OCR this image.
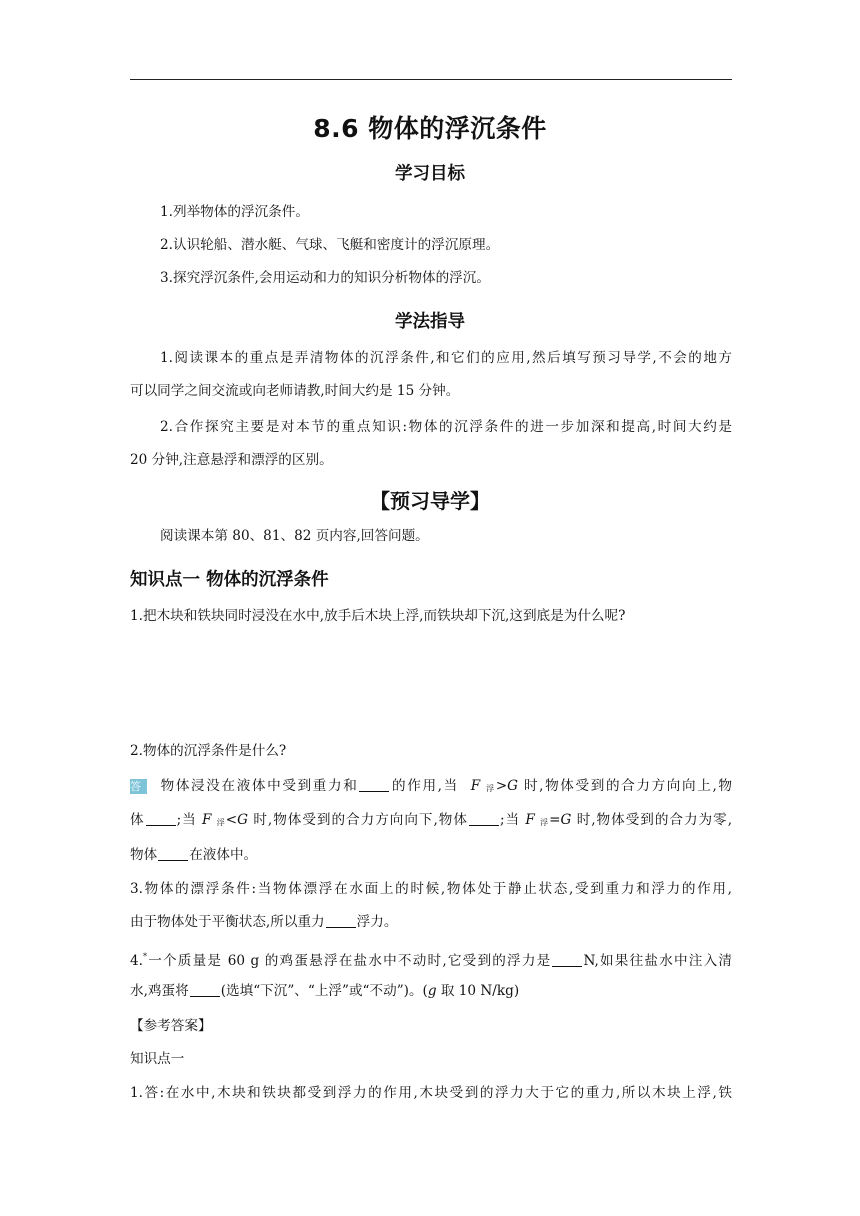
8.6 物体的浮沉条件
学习目标
1.列举物体的浮沉条件。
2.认识轮船、潜水艇、气球、飞艇和密度计的浮沉原理。
3.探究浮沉条件,会用运动和力的知识分析物体的浮沉。
学法指导
1.阅读课本的重点是弄清物体的沉浮条件,和它们的应用,然后填写预习导学,不会的地方
可以同学之间交流或向老师请教,时间大约是 15 分钟。
2.合作探究主要是对本节的重点知识:物体的沉浮条件的进一步加深和提高,时间大约是
20 分钟,注意悬浮和漂浮的区别。
【预习导学】
阅读课本第 80、81、82 页内容,回答问题。
知识点一 物体的沉浮条件
1.把木块和铁块同时浸没在水中,放手后木块上浮,而铁块却下沉,这到底是为什么呢?
2.物体的沉浮条件是什么?
答 物体浸没在液体中受到重力和 的作用,当 F $_浮$>G 时,物体受到的合力方向向上,物
体 ;当 F $_浮$<G 时,物体受到的合力方向向下,物体 ;当 F $_浮$=G 时,物体受到的合力为零,
物体 在液体中。
3.物体的漂浮条件:当物体漂浮在水面上的时候,物体处于静止状态,受到重力和浮力的作用,
由于物体处于平衡状态,所以重力 浮力。
4.*一个质量是 60 g 的鸡蛋悬浮在盐水中不动时,它受到的浮力是 N,如果往盐水中注入清
水,鸡蛋将 (选填“下沉”、“上浮”或“不动”)。(g 取 10 N/kg)
【参考答案】
知识点一
1.答:在水中,木块和铁块都受到浮力的作用,木块受到的浮力大于它的重力,所以木块上浮,铁
